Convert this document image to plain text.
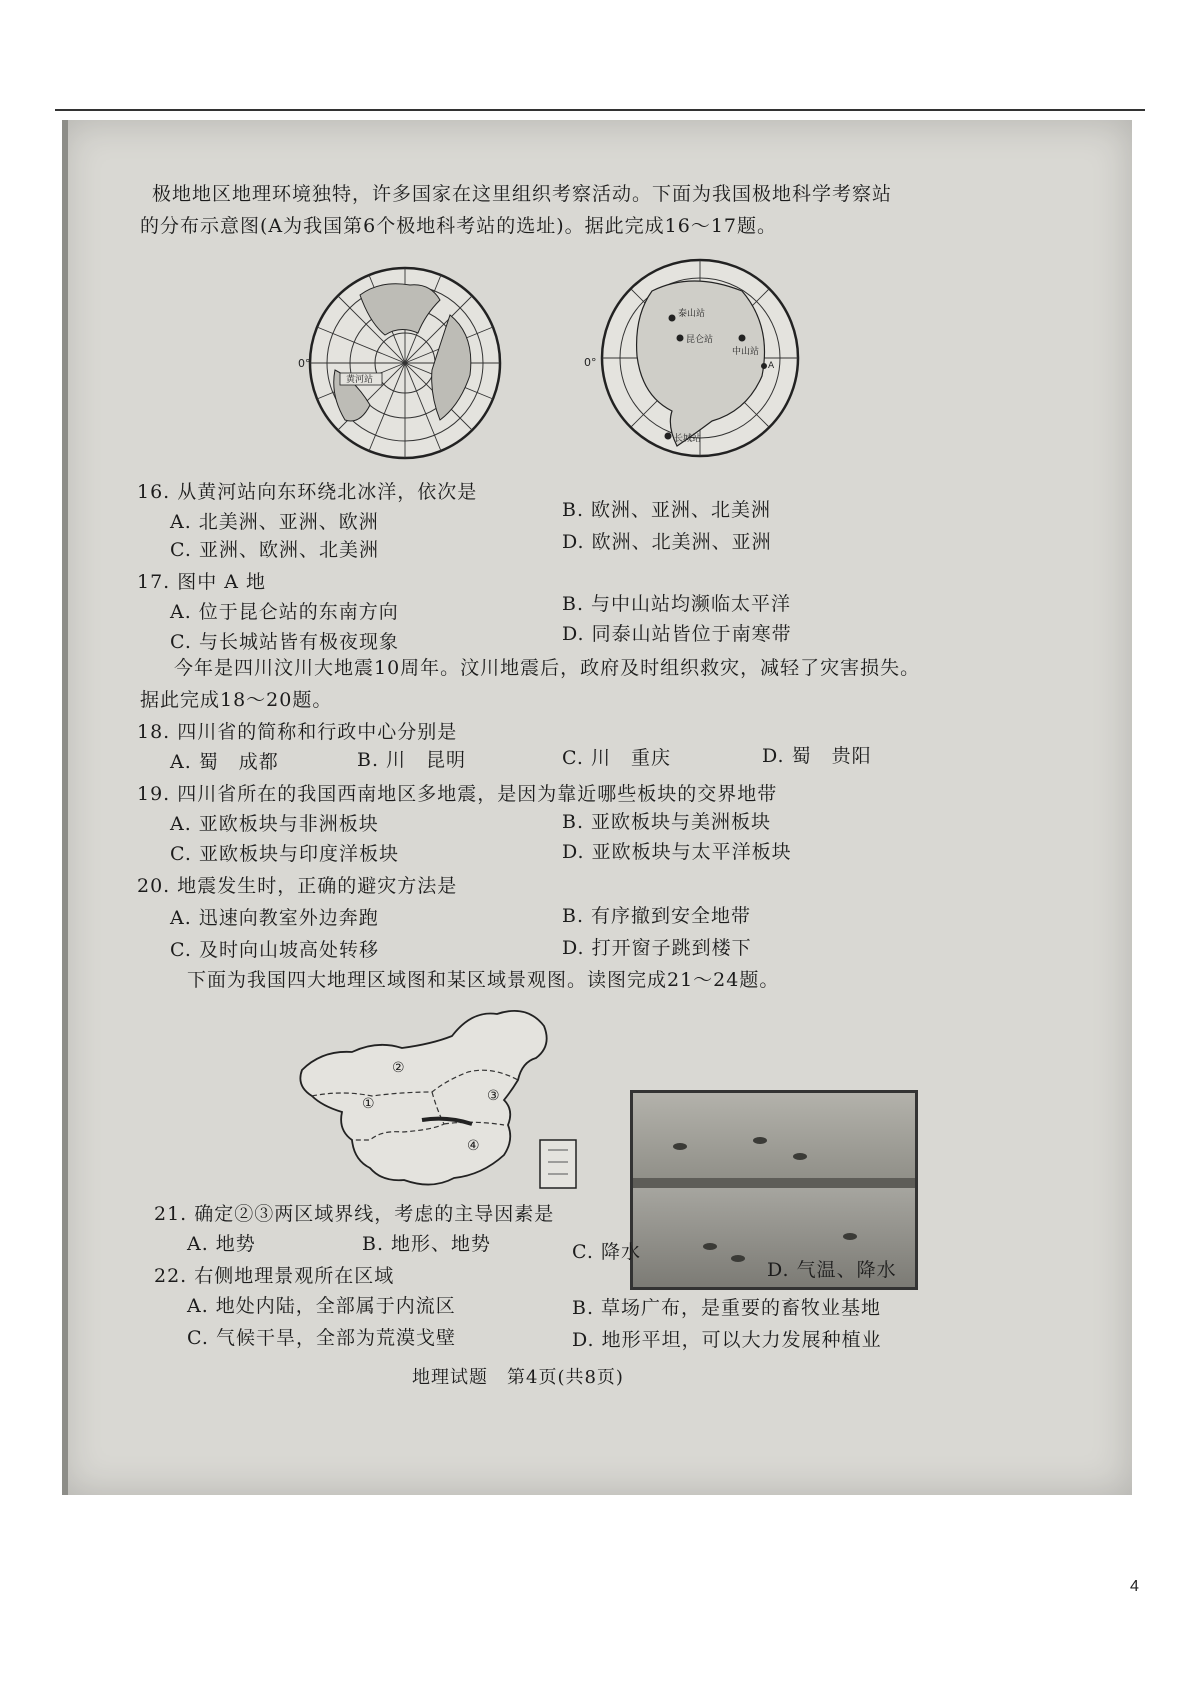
极地地区地理环境独特，许多国家在这里组织考察活动。下面为我国极地科学考察站
的分布示意图(A为我国第6个极地科考站的选址)。据此完成16～17题。
黄河站
0°
泰山站
昆仑站
中山站
长城站
A
0°
16. 从黄河站向东环绕北冰洋，依次是
A. 北美洲、亚洲、欧洲
B. 欧洲、亚洲、北美洲
C. 亚洲、欧洲、北美洲	D. 欧洲、北美洲、亚洲
17. 图中 A 地
A. 位于昆仑站的东南方向	B. 与中山站均濒临太平洋
C. 与长城站皆有极夜现象	D. 同泰山站皆位于南寒带
今年是四川汶川大地震10周年。汶川地震后，政府及时组织救灾，减轻了灾害损失。
据此完成18～20题。
18. 四川省的简称和行政中心分别是
A. 蜀　成都	B. 川　昆明	C. 川　重庆	D. 蜀　贵阳
19. 四川省所在的我国西南地区多地震，是因为靠近哪些板块的交界地带
A. 亚欧板块与非洲板块	B. 亚欧板块与美洲板块
C. 亚欧板块与印度洋板块	D. 亚欧板块与太平洋板块
20. 地震发生时，正确的避灾方法是
A. 迅速向教室外边奔跑	B. 有序撤到安全地带
C. 及时向山坡高处转移	D. 打开窗子跳到楼下
下面为我国四大地理区域图和某区域景观图。读图完成21～24题。
①
②
③
④
21. 确定②③两区域界线，考虑的主导因素是
A. 地势	B. 地形、地势	C. 降水
D. 气温、降水
22. 右侧地理景观所在区域
A. 地处内陆，全部属于内流区	B. 草场广布，是重要的畜牧业基地
C. 气候干旱，全部为荒漠戈壁	D. 地形平坦，可以大力发展种植业
地理试题　第4页(共8页)
4
